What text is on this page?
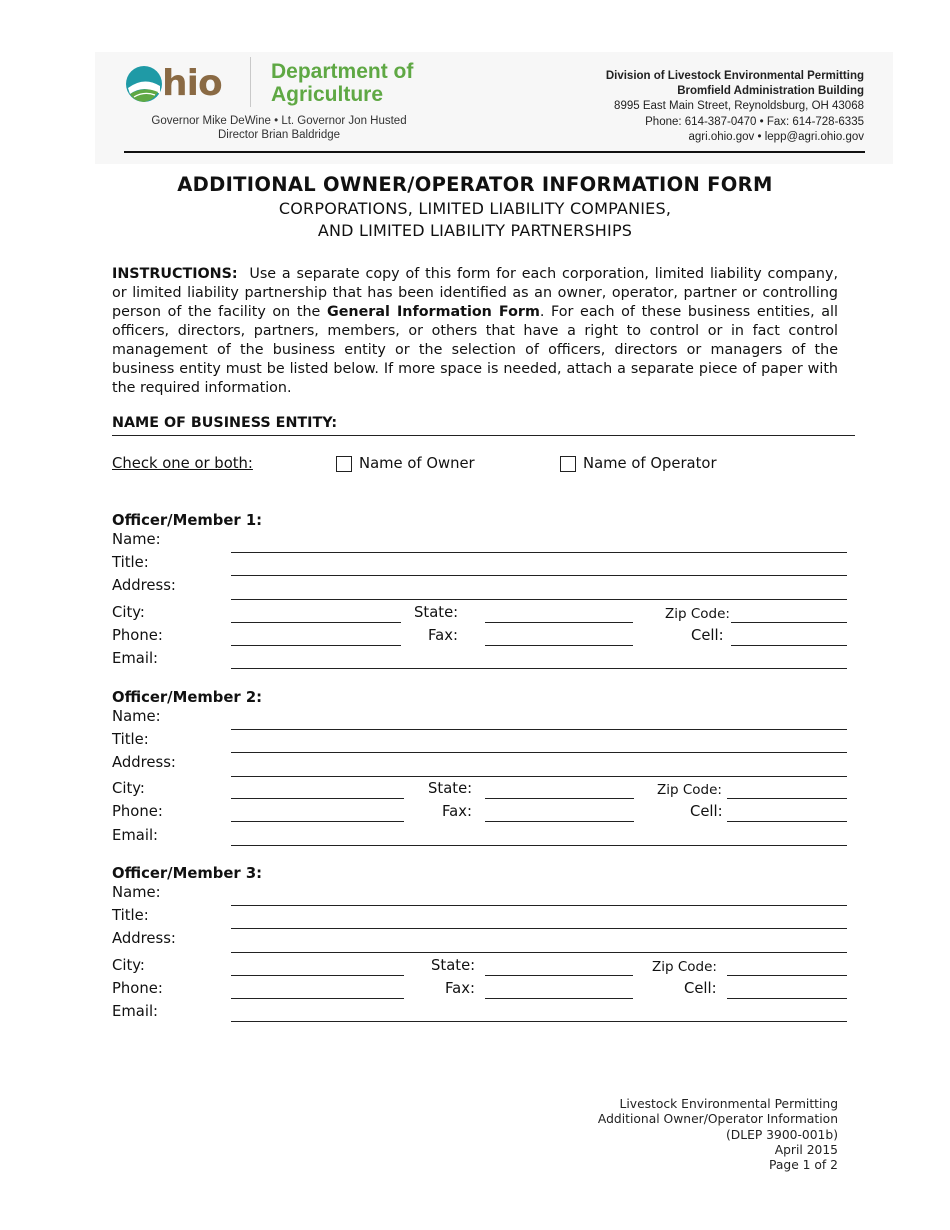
hio Department of
Agriculture
Governor Mike DeWine • Lt. Governor Jon Husted
Director Brian Baldridge
Division of Livestock Environmental Permitting
Bromfield Administration Building
8995 East Main Street, Reynoldsburg, OH 43068
Phone: 614-387-0470 • Fax: 614-728-6335
agri.ohio.gov • lepp@agri.ohio.gov
ADDITIONAL OWNER/OPERATOR INFORMATION FORM
CORPORATIONS, LIMITED LIABILITY COMPANIES,
AND LIMITED LIABILITY PARTNERSHIPS
INSTRUCTIONS: Use a separate copy of this form for each corporation, limited liability company, or limited liability partnership that has been identified as an owner, operator, partner or controlling person of the facility on the General Information Form. For each of these business entities, all officers, directors, partners, members, or others that have a right to control or in fact control management of the business entity or the selection of officers, directors or managers of the business entity must be listed below. If more space is needed, attach a separate piece of paper with the required information.
NAME OF BUSINESS ENTITY:
Check one or both:	Name of Owner	Name of Operator
Officer/Member 1:
Name:
Title:
Address:
City:	State:	Zip Code:
Phone:	Fax:	Cell:
Email:
Officer/Member 2:
Name:
Title:
Address:
City:	State:	Zip Code:
Phone:	Fax:	Cell:
Email:
Officer/Member 3:
Name:
Title:
Address:
City:	State:	Zip Code:
Phone:	Fax:	Cell:
Email:
Livestock Environmental Permitting
Additional Owner/Operator Information
(DLEP 3900-001b)
April 2015
Page 1 of 2
